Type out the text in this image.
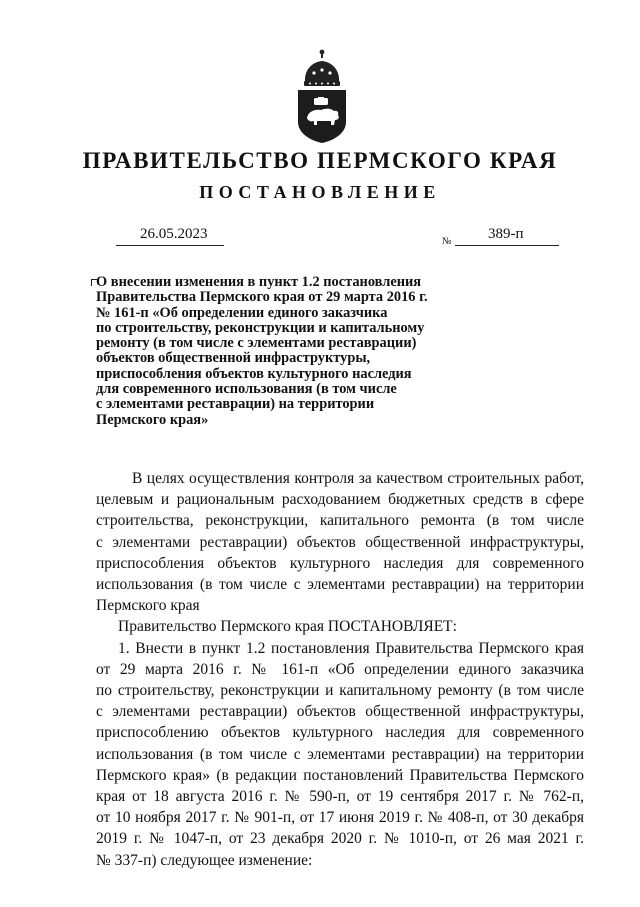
ПРАВИТЕЛЬСТВО ПЕРМСКОГО КРАЯ
ПОСТАНОВЛЕНИЕ
26.05.2023	№ 389-п
О внесении изменения в пункт 1.2 постановления
Правительства Пермского края от 29 марта 2016 г.
№ 161-п «Об определении единого заказчика
по строительству, реконструкции и капитальному
ремонту (в том числе с элементами реставрации)
объектов общественной инфраструктуры,
приспособления объектов культурного наследия
для современного использования (в том числе
с элементами реставрации) на территории
Пермского края»
В целях осуществления контроля за качеством строительных работ,
целевым и рациональным расходованием бюджетных средств в сфере
строительства, реконструкции, капитального ремонта (в том числе
с элементами реставрации) объектов общественной инфраструктуры,
приспособления объектов культурного наследия для современного
использования (в том числе с элементами реставрации) на территории
Пермского края
Правительство Пермского края ПОСТАНОВЛЯЕТ:
1. Внести в пункт 1.2 постановления Правительства Пермского края
от 29 марта 2016 г. № 161-п «Об определении единого заказчика
по строительству, реконструкции и капитальному ремонту (в том числе
с элементами реставрации) объектов общественной инфраструктуры,
приспособлению объектов культурного наследия для современного
использования (в том числе с элементами реставрации) на территории
Пермского края» (в редакции постановлений Правительства Пермского
края от 18 августа 2016 г. № 590-п, от 19 сентября 2017 г. № 762-п,
от 10 ноября 2017 г. № 901-п, от 17 июня 2019 г. № 408-п, от 30 декабря
2019 г. № 1047-п, от 23 декабря 2020 г. № 1010-п, от 26 мая 2021 г.
№ 337-п) следующее изменение:
